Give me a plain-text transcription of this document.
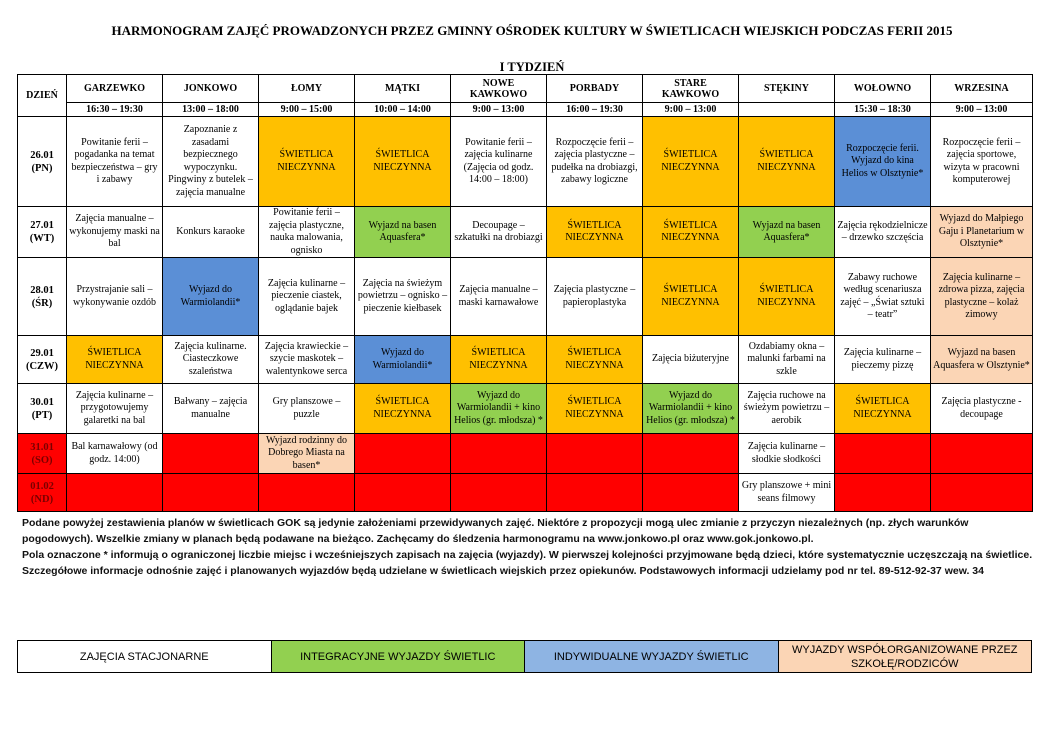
HARMONOGRAM ZAJĘĆ PROWADZONYCH PRZEZ GMINNY OŚRODEK KULTURY W ŚWIETLICACH WIEJSKICH PODCZAS FERII 2015
I TYDZIEŃ
DZIEŃ	GARZEWKO	JONKOWO	ŁOMY	MĄTKI	NOWE KAWKOWO	PORBADY	STARE KAWKOWO	STĘKINY	WOŁOWNO	WRZESINA
	16:30 – 19:30	13:00 – 18:00	9:00 – 15:00	10:00 – 14:00	9:00 – 13:00	16:00 – 19:30	9:00 – 13:00		15:30 – 18:30	9:00 – 13:00

26.01
(PN)	Powitanie ferii – pogadanka na temat bezpieczeństwa – gry i zabawy	Zapoznanie z zasadami bezpiecznego wypoczynku. Pingwiny z butelek – zajęcia manualne	ŚWIETLICA NIECZYNNA	ŚWIETLICA NIECZYNNA	Powitanie ferii – zajęcia kulinarne (Zajęcia od godz. 14:00 – 18:00)	Rozpoczęcie ferii – zajęcia plastyczne – pudełka na drobiazgi, zabawy logiczne	ŚWIETLICA NIECZYNNA	ŚWIETLICA NIECZYNNA	Rozpoczęcie ferii. Wyjazd do kina Helios w Olsztynie*	Rozpoczęcie ferii – zajęcia sportowe, wizyta w pracowni komputerowej

27.01
(WT)	Zajęcia manualne – wykonujemy maski na bal	Konkurs karaoke	Powitanie ferii – zajęcia plastyczne, nauka malowania, ognisko	Wyjazd na basen Aquasfera*	Decoupage – szkatułki na drobiazgi	ŚWIETLICA NIECZYNNA	ŚWIETLICA NIECZYNNA	Wyjazd na basen Aquasfera*	Zajęcia rękodzielnicze – drzewko szczęścia	Wyjazd do Małpiego Gaju i Planetarium w Olsztynie*

28.01
(ŚR)	Przystrajanie sali – wykonywanie ozdób	Wyjazd do Warmiolandii*	Zajęcia kulinarne – pieczenie ciastek, oglądanie bajek	Zajęcia na świeżym powietrzu – ognisko – pieczenie kiełbasek	Zajęcia manualne – maski karnawałowe	Zajęcia plastyczne – papieroplastyka	ŚWIETLICA NIECZYNNA	ŚWIETLICA NIECZYNNA	Zabawy ruchowe według scenariusza zajęć – „Świat sztuki – teatr”	Zajęcia kulinarne – zdrowa pizza, zajęcia plastyczne – kolaż zimowy

29.01
(CZW)	ŚWIETLICA NIECZYNNA	Zajęcia kulinarne. Ciasteczkowe szaleństwa	Zajęcia krawieckie – szycie maskotek – walentynkowe serca	Wyjazd do Warmiolandii*	ŚWIETLICA NIECZYNNA	ŚWIETLICA NIECZYNNA	Zajęcia biżuteryjne	Ozdabiamy okna – malunki farbami na szkle	Zajęcia kulinarne – pieczemy pizzę	Wyjazd na basen Aquasfera w Olsztynie*

30.01
(PT)	Zajęcia kulinarne – przygotowujemy galaretki na bal	Bałwany – zajęcia manualne	Gry planszowe – puzzle	ŚWIETLICA NIECZYNNA	Wyjazd do Warmiolandii + kino Helios (gr. młodsza) *	ŚWIETLICA NIECZYNNA	Wyjazd do Warmiolandii + kino Helios (gr. młodsza) *	Zajęcia ruchowe na świeżym powietrzu – aerobik	ŚWIETLICA NIECZYNNA	Zajęcia plastyczne - decoupage

31.01
(SO)	Bal karnawałowy (od godz. 14:00)		Wyjazd rodzinny do Dobrego Miasta na basen*					Zajęcia kulinarne – słodkie słodkości		

01.02
(ND)								Gry planszowe + mini seans filmowy		

Podane powyżej zestawienia planów w świetlicach GOK są jedynie założeniami przewidywanych zajęć. Niektóre z propozycji mogą ulec zmianie z przyczyn niezależnych (np. złych warunków pogodowych). Wszelkie zmiany w planach będą podawane na bieżąco. Zachęcamy do śledzenia harmonogramu na www.jonkowo.pl oraz www.gok.jonkowo.pl.

Pola oznaczone * informują o ograniczonej liczbie miejsc i wcześniejszych zapisach na zajęcia (wyjazdy). W pierwszej kolejności przyjmowane będą dzieci, które systematycznie uczęszczają na świetlice. Szczegółowe informacje odnośnie zajęć i planowanych wyjazdów będą udzielane w świetlicach wiejskich przez opiekunów. Podstawowych informacji udzielamy pod nr tel. 89-512-92-37 wew. 34

ZAJĘCIA STACJONARNE	INTEGRACYJNE WYJAZDY ŚWIETLIC	INDYWIDUALNE WYJAZDY ŚWIETLIC	WYJAZDY WSPÓŁORGANIZOWANE PRZEZ SZKOŁĘ/RODZICÓW
